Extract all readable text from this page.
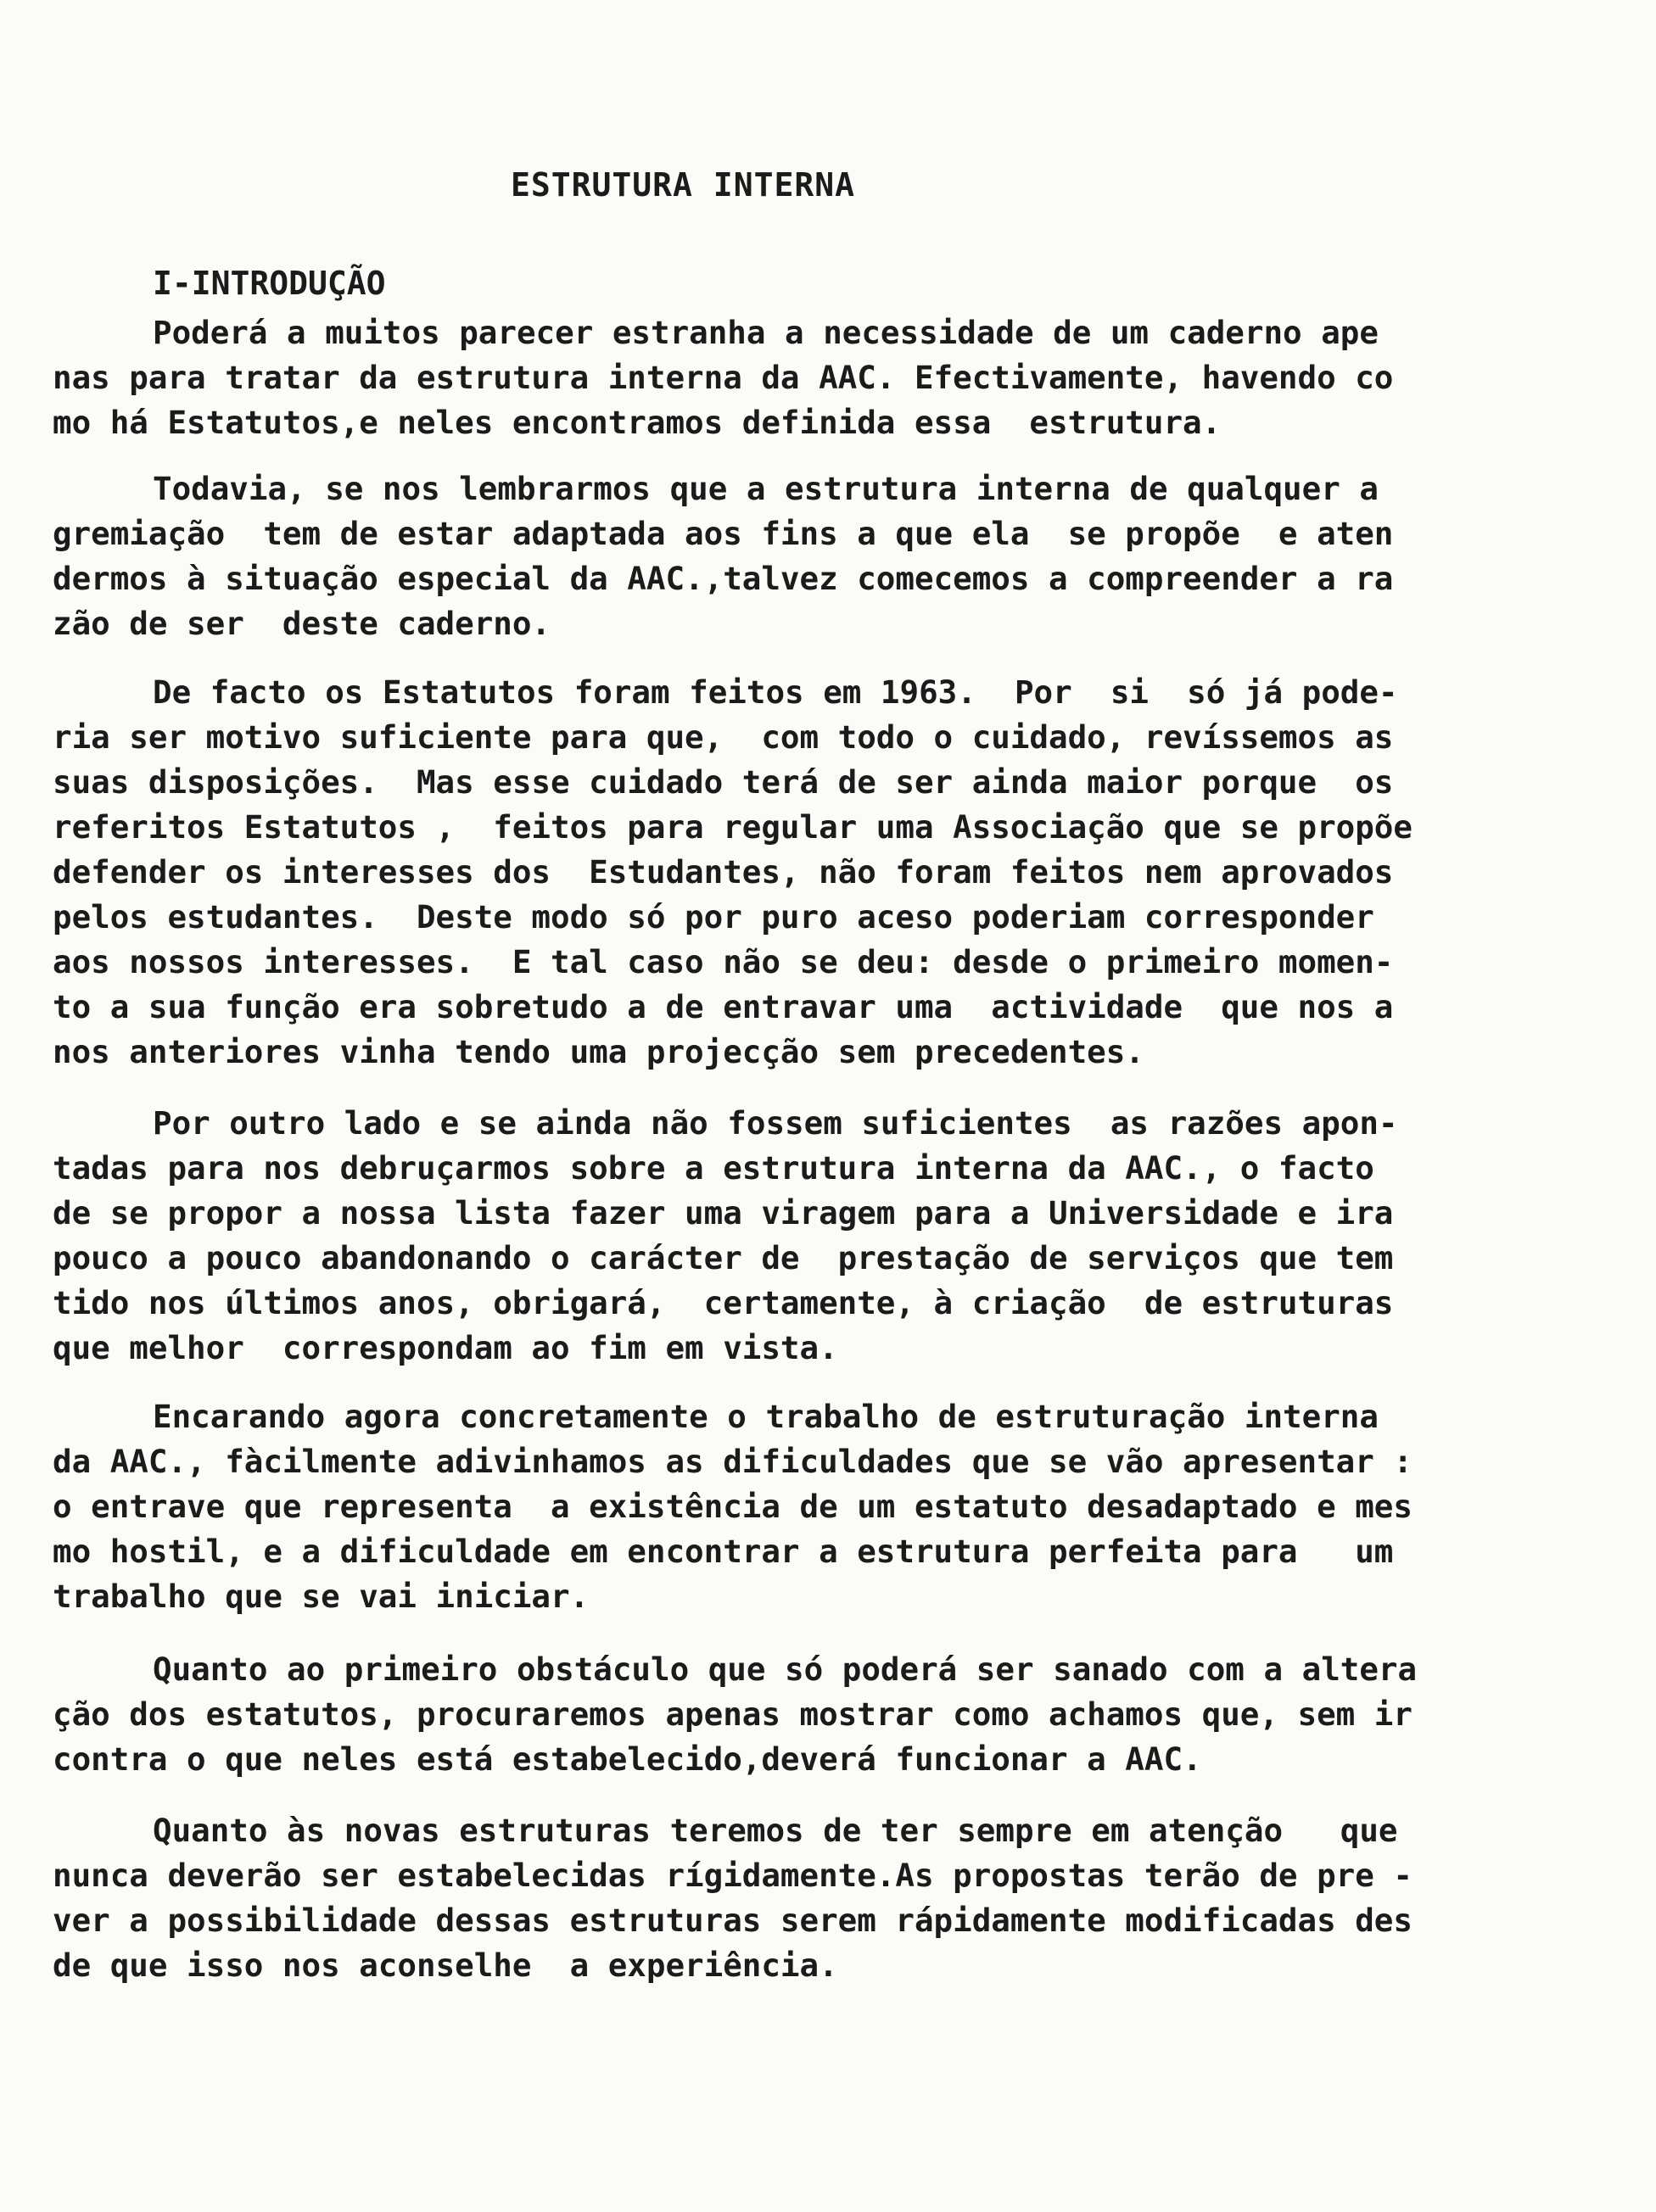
ESTRUTURA INTERNA
I-INTRODUÇÃO
Poderá a muitos parecer estranha a necessidade de um caderno ape
nas para tratar da estrutura interna da AAC. Efectivamente, havendo co
mo há Estatutos,e neles encontramos definida essa  estrutura.
Todavia, se nos lembrarmos que a estrutura interna de qualquer a
gremiação  tem de estar adaptada aos fins a que ela  se propõe  e aten
dermos à situação especial da AAC.,talvez comecemos a compreender a ra
zão de ser  deste caderno.
De facto os Estatutos foram feitos em 1963.  Por  si  só já pode-
ria ser motivo suficiente para que,  com todo o cuidado, revíssemos as
suas disposições.  Mas esse cuidado terá de ser ainda maior porque  os
referitos Estatutos ,  feitos para regular uma Associação que se propõe
defender os interesses dos  Estudantes, não foram feitos nem aprovados
pelos estudantes.  Deste modo só por puro aceso poderiam corresponder
aos nossos interesses.  E tal caso não se deu: desde o primeiro momen-
to a sua função era sobretudo a de entravar uma  actividade  que nos a
nos anteriores vinha tendo uma projecção sem precedentes.
Por outro lado e se ainda não fossem suficientes  as razões apon-
tadas para nos debruçarmos sobre a estrutura interna da AAC., o facto
de se propor a nossa lista fazer uma viragem para a Universidade e ira
pouco a pouco abandonando o carácter de  prestação de serviços que tem
tido nos últimos anos, obrigará,  certamente, à criação  de estruturas
que melhor  correspondam ao fim em vista.
Encarando agora concretamente o trabalho de estruturação interna
da AAC., fàcilmente adivinhamos as dificuldades que se vão apresentar :
o entrave que representa  a existência de um estatuto desadaptado e mes
mo hostil, e a dificuldade em encontrar a estrutura perfeita para   um
trabalho que se vai iniciar.
Quanto ao primeiro obstáculo que só poderá ser sanado com a altera
ção dos estatutos, procuraremos apenas mostrar como achamos que, sem ir
contra o que neles está estabelecido,deverá funcionar a AAC.
Quanto às novas estruturas teremos de ter sempre em atenção   que
nunca deverão ser estabelecidas rígidamente.As propostas terão de pre -
ver a possibilidade dessas estruturas serem rápidamente modificadas des
de que isso nos aconselhe  a experiência.
